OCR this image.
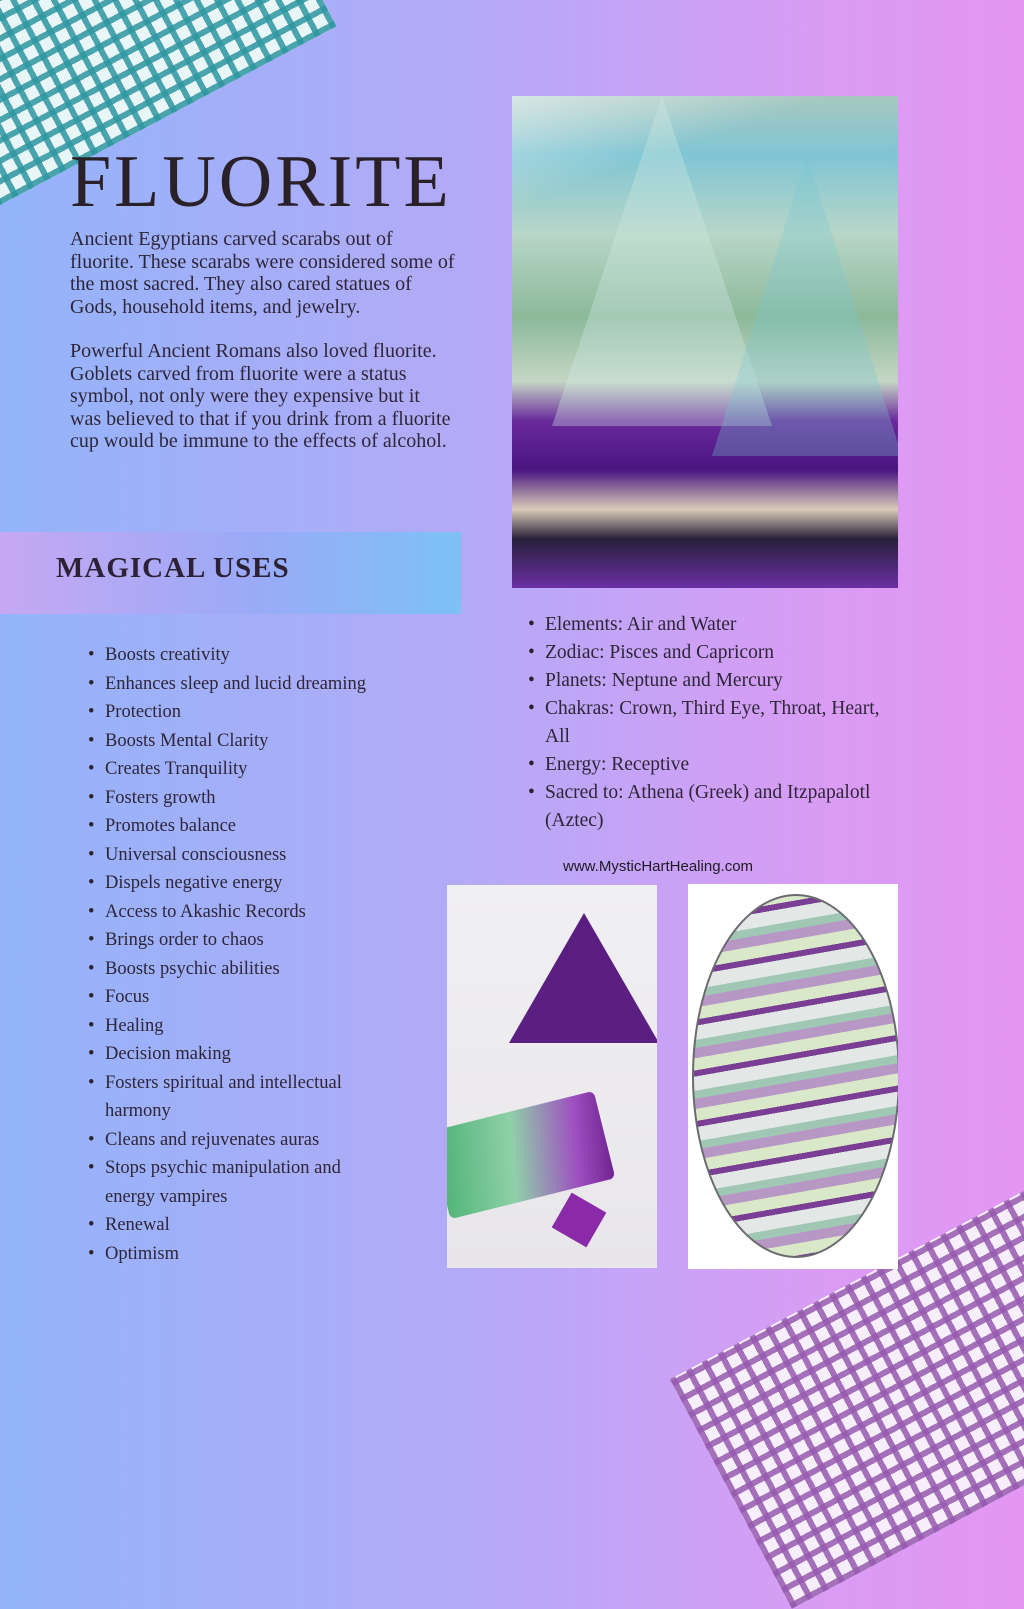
FLUORITE

Ancient Egyptians carved scarabs out of fluorite. These scarabs were considered some of the most sacred. They also cared statues of Gods, household items, and jewelry.

Powerful Ancient Romans also loved fluorite. Goblets carved from fluorite were a status symbol, not only were they expensive but it was believed to that if you drink from a fluorite cup would be immune to the effects of alcohol.

MAGICAL USES
• Boosts creativity
• Enhances sleep and lucid dreaming
• Protection
• Boosts Mental Clarity
• Creates Tranquility
• Fosters growth
• Promotes balance
• Universal consciousness
• Dispels negative energy
• Access to Akashic Records
• Brings order to chaos
• Boosts psychic abilities
• Focus
• Healing
• Decision making
• Fosters spiritual and intellectual harmony
• Cleans and rejuvenates auras
• Stops psychic manipulation and energy vampires
• Renewal
• Optimism
• Elements: Air and Water
• Zodiac: Pisces and Capricorn
• Planets: Neptune and Mercury
• Chakras: Crown, Third Eye, Throat, Heart, All
• Energy: Receptive
• Sacred to: Athena (Greek) and Itzpapalotl (Aztec)
www.MysticHartHealing.com
